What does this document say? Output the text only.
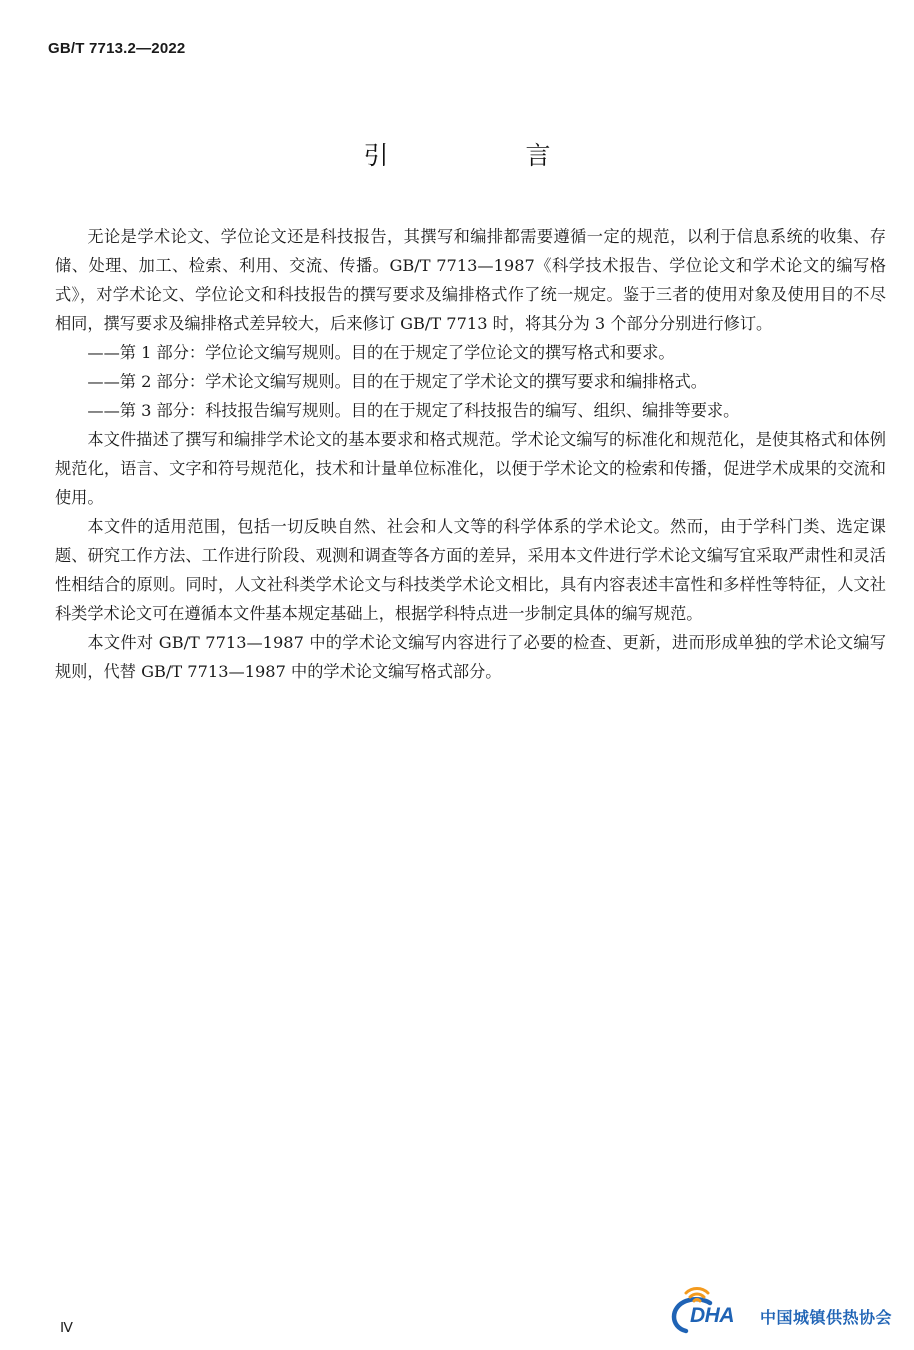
GB/T 7713.2—2022
引　言

无论是学术论文、学位论文还是科技报告，其撰写和编排都需要遵循一定的规范，以利于信息系统的收集、存储、处理、加工、检索、利用、交流、传播。GB/T 7713—1987《科学技术报告、学位论文和学术论文的编写格式》，对学术论文、学位论文和科技报告的撰写要求及编排格式作了统一规定。鉴于三者的使用对象及使用目的不尽相同，撰写要求及编排格式差异较大，后来修订 GB/T 7713 时，将其分为 3 个部分分别进行修订。

——第 1 部分：学位论文编写规则。目的在于规定了学位论文的撰写格式和要求。

——第 2 部分：学术论文编写规则。目的在于规定了学术论文的撰写要求和编排格式。

——第 3 部分：科技报告编写规则。目的在于规定了科技报告的编写、组织、编排等要求。

本文件描述了撰写和编排学术论文的基本要求和格式规范。学术论文编写的标准化和规范化，是使其格式和体例规范化，语言、文字和符号规范化，技术和计量单位标准化，以便于学术论文的检索和传播，促进学术成果的交流和使用。

本文件的适用范围，包括一切反映自然、社会和人文等的科学体系的学术论文。然而，由于学科门类、选定课题、研究工作方法、工作进行阶段、观测和调查等各方面的差异，采用本文件进行学术论文编写宜采取严肃性和灵活性相结合的原则。同时，人文社科类学术论文与科技类学术论文相比，具有内容表述丰富性和多样性等特征，人文社科类学术论文可在遵循本文件基本规定基础上，根据学科特点进一步制定具体的编写规范。

本文件对 GB/T 7713—1987 中的学术论文编写内容进行了必要的检查、更新，进而形成单独的学术论文编写规则，代替 GB/T 7713—1987 中的学术论文编写格式部分。

Ⅳ
DHA 中国城镇供热协会
